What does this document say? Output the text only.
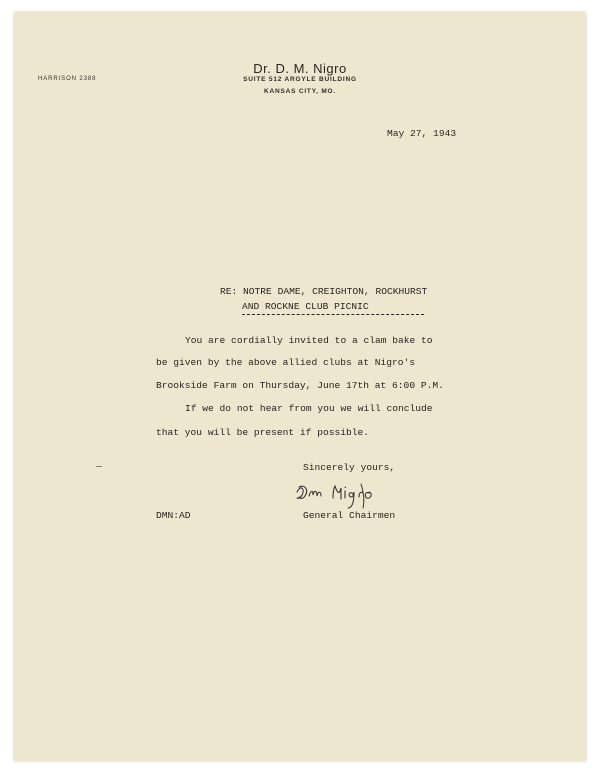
Dr. D. M. Nigro
SUITE 512 ARGYLE BUILDING
KANSAS CITY, MO.
HARRISON 2388
May 27, 1943
RE: NOTRE DAME, CREIGHTON, ROCKHURST
AND ROCKNE CLUB PICNIC
You are cordially invited to a clam bake to
be given by the above allied clubs at Nigro's
Brookside Farm on Thursday, June 17th at 6:00 P.M.
If we do not hear from you we will conclude
that you will be present if possible.
Sincerely yours,
DMN:AD	General Chairmen
